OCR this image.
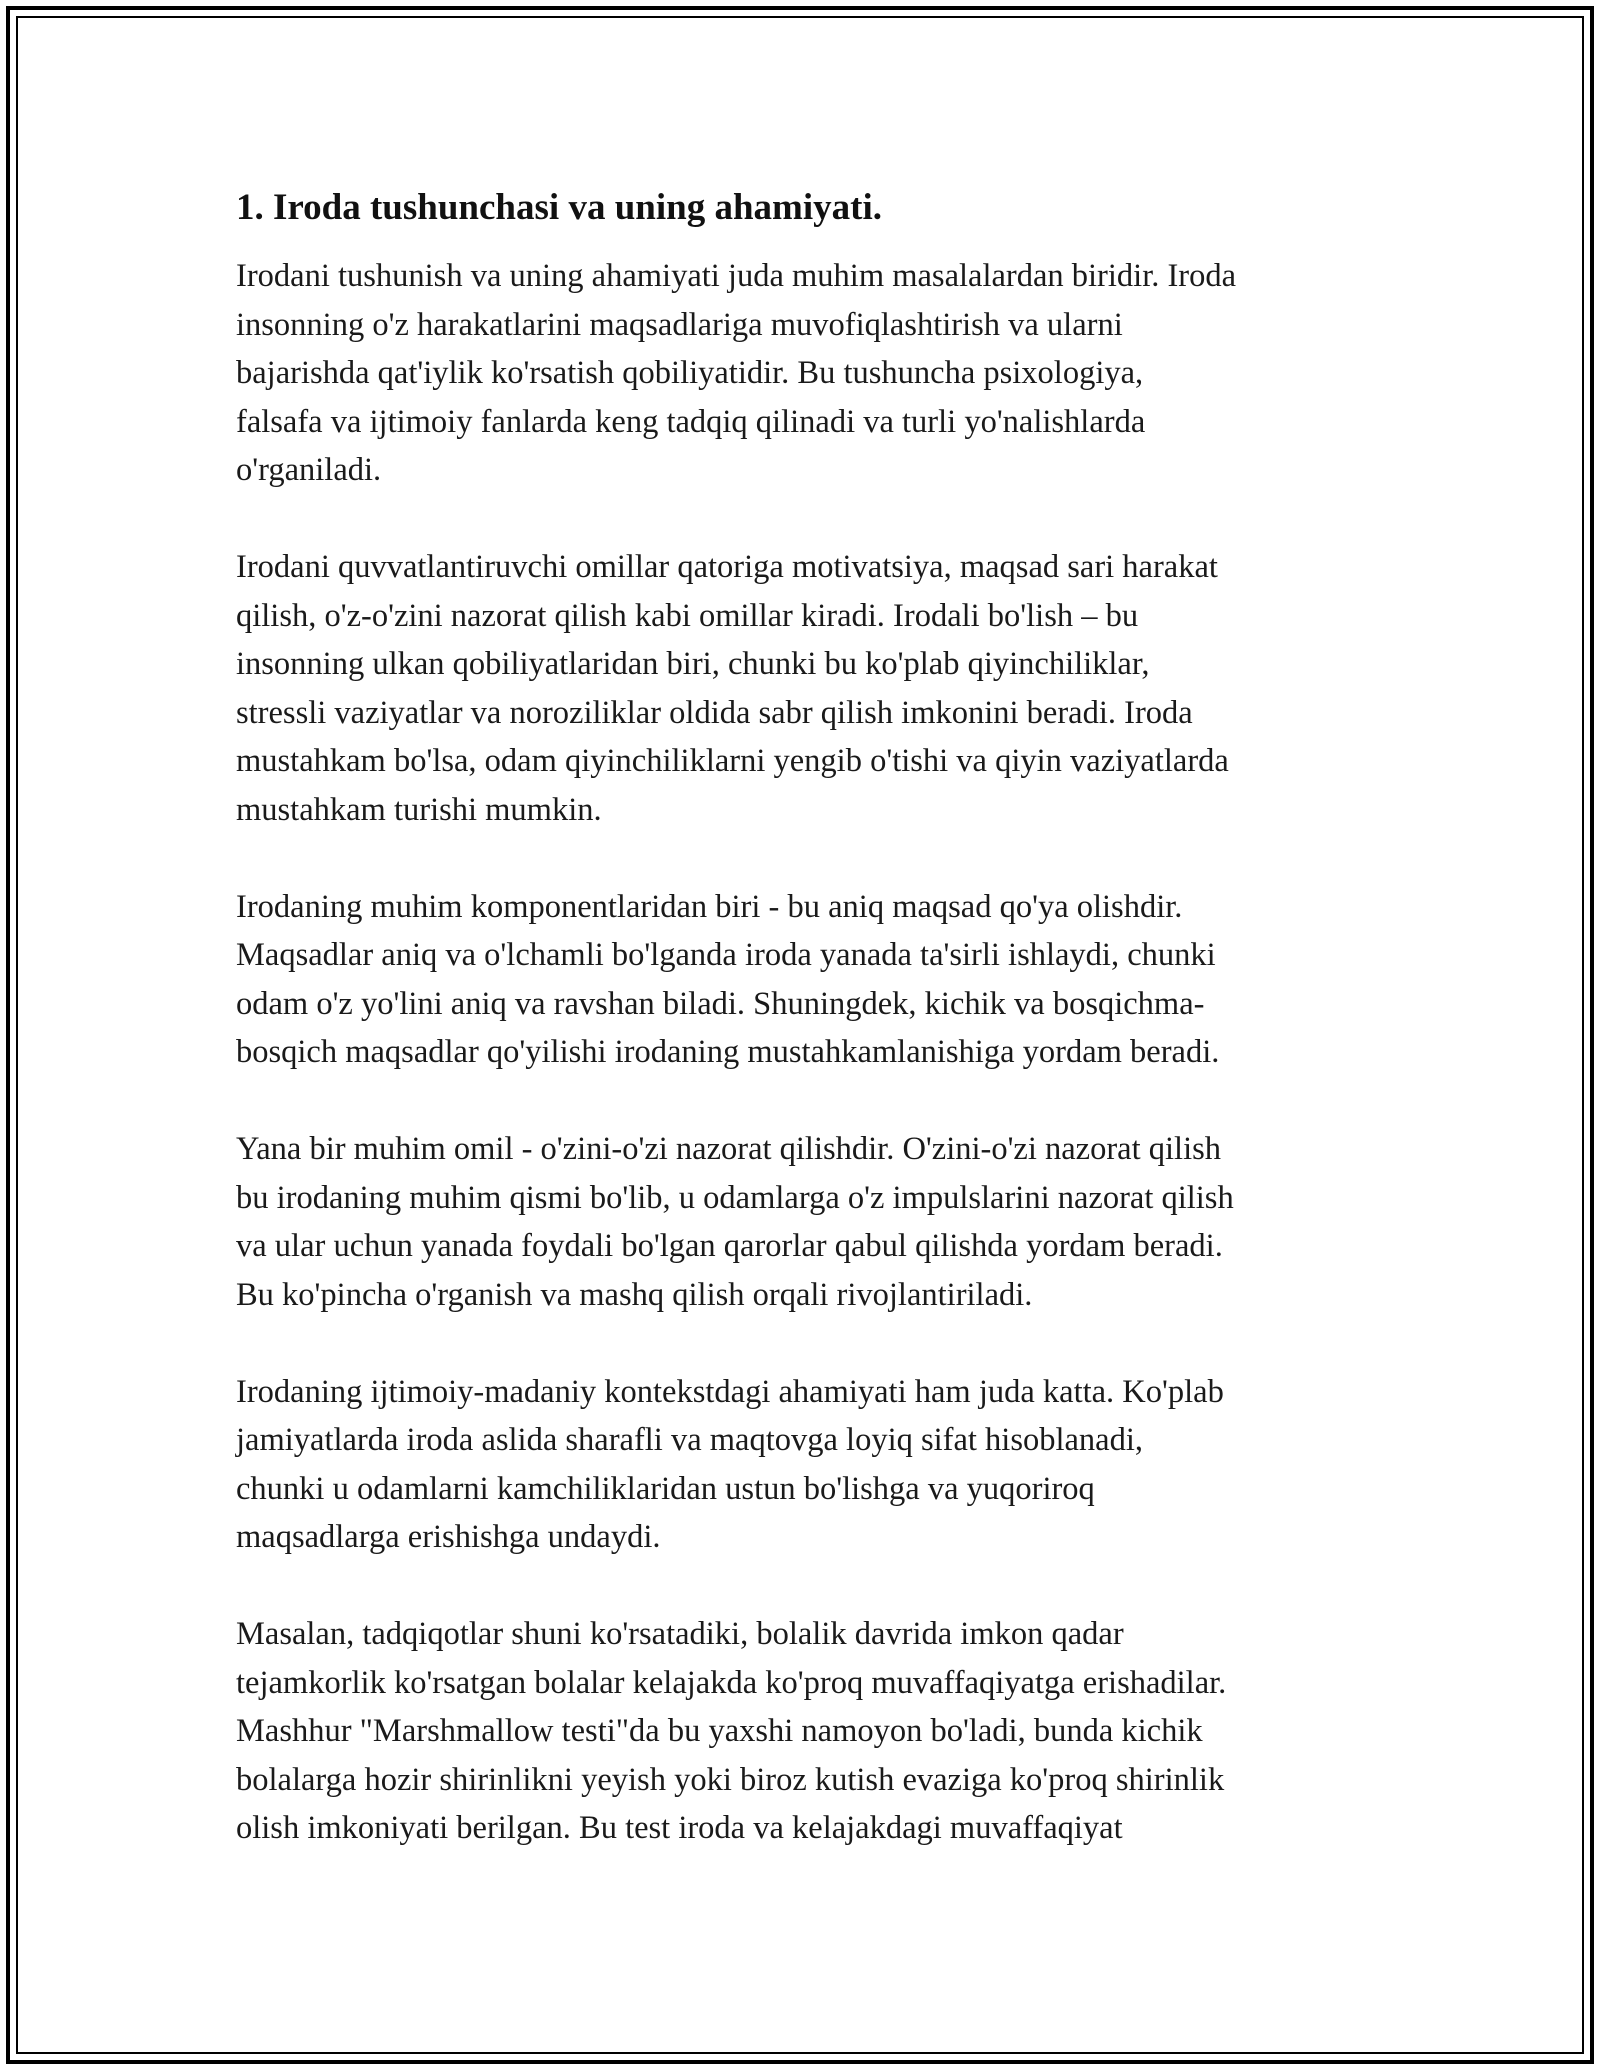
1. Iroda tushunchasi va uning ahamiyati.
Irodani tushunish va uning ahamiyati juda muhim masalalardan biridir. Iroda
insonning o'z harakatlarini maqsadlariga muvofiqlashtirish va ularni
bajarishda qat'iylik ko'rsatish qobiliyatidir. Bu tushuncha psixologiya,
falsafa va ijtimoiy fanlarda keng tadqiq qilinadi va turli yo'nalishlarda
o'rganiladi.
Irodani quvvatlantiruvchi omillar qatoriga motivatsiya, maqsad sari harakat
qilish, o'z-o'zini nazorat qilish kabi omillar kiradi. Irodali bo'lish – bu
insonning ulkan qobiliyatlaridan biri, chunki bu ko'plab qiyinchiliklar,
stressli vaziyatlar va noroziliklar oldida sabr qilish imkonini beradi. Iroda
mustahkam bo'lsa, odam qiyinchiliklarni yengib o'tishi va qiyin vaziyatlarda
mustahkam turishi mumkin.
Irodaning muhim komponentlaridan biri - bu aniq maqsad qo'ya olishdir.
Maqsadlar aniq va o'lchamli bo'lganda iroda yanada ta'sirli ishlaydi, chunki
odam o'z yo'lini aniq va ravshan biladi. Shuningdek, kichik va bosqichma-
bosqich maqsadlar qo'yilishi irodaning mustahkamlanishiga yordam beradi.
Yana bir muhim omil - o'zini-o'zi nazorat qilishdir. O'zini-o'zi nazorat qilish
bu irodaning muhim qismi bo'lib, u odamlarga o'z impulslarini nazorat qilish
va ular uchun yanada foydali bo'lgan qarorlar qabul qilishda yordam beradi.
Bu ko'pincha o'rganish va mashq qilish orqali rivojlantiriladi.
Irodaning ijtimoiy-madaniy kontekstdagi ahamiyati ham juda katta. Ko'plab
jamiyatlarda iroda aslida sharafli va maqtovga loyiq sifat hisoblanadi,
chunki u odamlarni kamchiliklaridan ustun bo'lishga va yuqoriroq
maqsadlarga erishishga undaydi.
Masalan, tadqiqotlar shuni ko'rsatadiki, bolalik davrida imkon qadar
tejamkorlik ko'rsatgan bolalar kelajakda ko'proq muvaffaqiyatga erishadilar.
Mashhur "Marshmallow testi"da bu yaxshi namoyon bo'ladi, bunda kichik
bolalarga hozir shirinlikni yeyish yoki biroz kutish evaziga ko'proq shirinlik
olish imkoniyati berilgan. Bu test iroda va kelajakdagi muvaffaqiyat
